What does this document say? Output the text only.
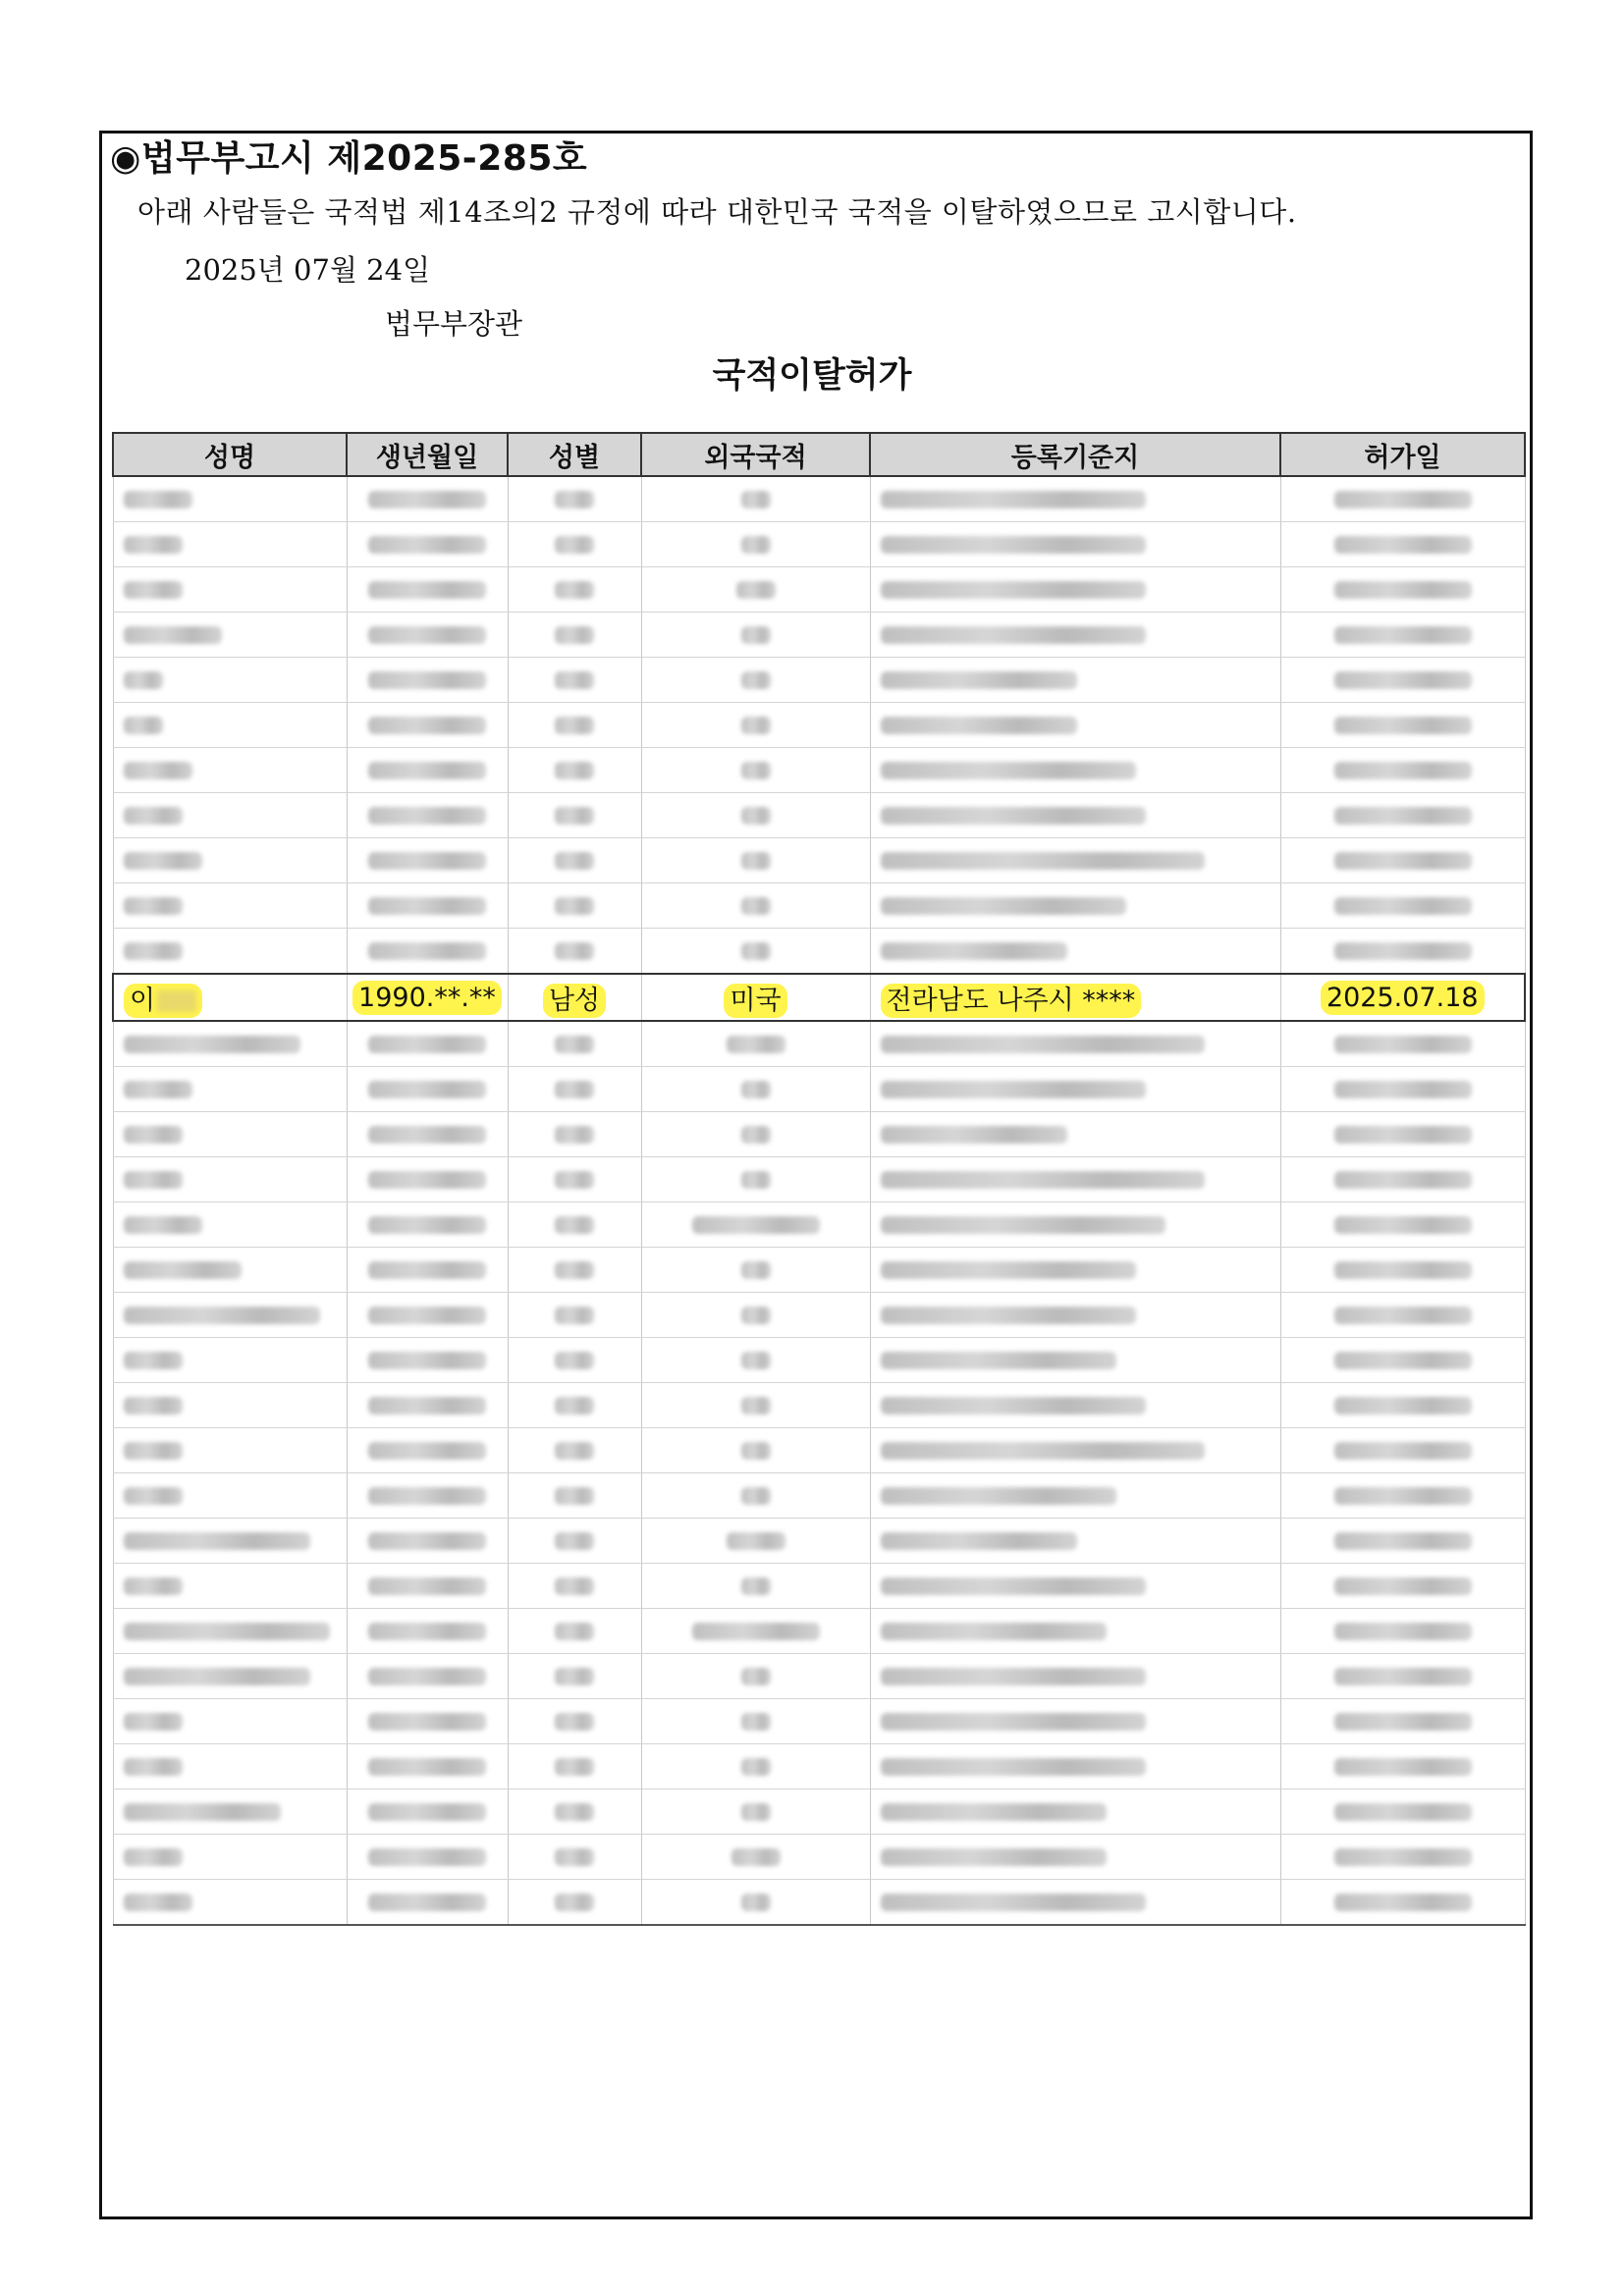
◉법무부고시 제2025-285호
아래 사람들은 국적법 제14조의2 규정에 따라 대한민국 국적을 이탈하였으므로 고시합니다.
2025년 07월 24일
법무부장관
국적이탈허가
성명	생년월일	성별	외국국적	등록기준지	허가일

이	1990.**.**	남성	미국	전라남도 나주시 ****	2025.07.18
